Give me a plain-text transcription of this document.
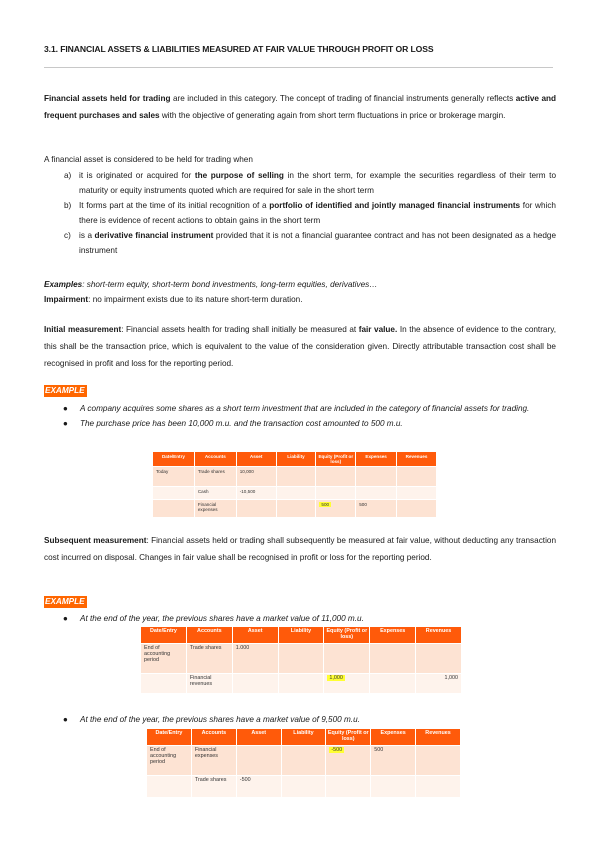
3.1. FINANCIAL ASSETS & LIABILITIES MEASURED AT FAIR VALUE THROUGH PROFIT OR LOSS
Financial assets held for trading are included in this category. The concept of trading of financial instruments generally reflects active and frequent purchases and sales with the objective of generating again from short term fluctuations in price or brokerage margin.
A financial asset is considered to be held for trading when
a) it is originated or acquired for the purpose of selling in the short term, for example the securities regardless of their term to maturity or equity instruments quoted which are required for sale in the short term
b) It forms part at the time of its initial recognition of a portfolio of identified and jointly managed financial instruments for which there is evidence of recent actions to obtain gains in the short term
c) is a derivative financial instrument provided that it is not a financial guarantee contract and has not been designated as a hedge instrument
Examples: short-term equity, short-term bond investments, long-term equities, derivatives…
Impairment: no impairment exists due to its nature short-term duration.
Initial measurement: Financial assets health for trading shall initially be measured at fair value. In the absence of evidence to the contrary, this shall be the transaction price, which is equivalent to the value of the consideration given. Directly attributable transaction cost shall be recognised in profit and loss for the reporting period.
EXAMPLE
● A company acquires some shares as a short term investment that are included in the category of financial assets for trading.
● The purchase price has been 10,000 m.u. and the transaction cost amounted to 500 m.u.
Date/Entry	Accounts	Asset	Liability	Equity (Profit or loss)	Expenses	Revenues
Today	Trade shares	10,000				
	Cash	-10,500				
	Financial expenses			500	500	
Subsequent measurement: Financial assets held or trading shall subsequently be measured at fair value, without deducting any transaction cost incurred on disposal. Changes in fair value shall be recognised in profit or loss for the reporting period.
EXAMPLE
● At the end of the year, the previous shares have a market value of 11,000 m.u.
Date/Entry	Accounts	Asset	Liability	Equity (Profit or loss)	Expenses	Revenues
End of accounting period	Trade shares	1.000				
	Financial revenues			1,000		1,000
● At the end of the year, the previous shares have a market value of 9,500 m.u.
Date/Entry	Accounts	Asset	Liability	Equity (Profit or loss)	Expenses	Revenues
End of accounting period	Financial expenses			-500	500	
	Trade shares	-500				
